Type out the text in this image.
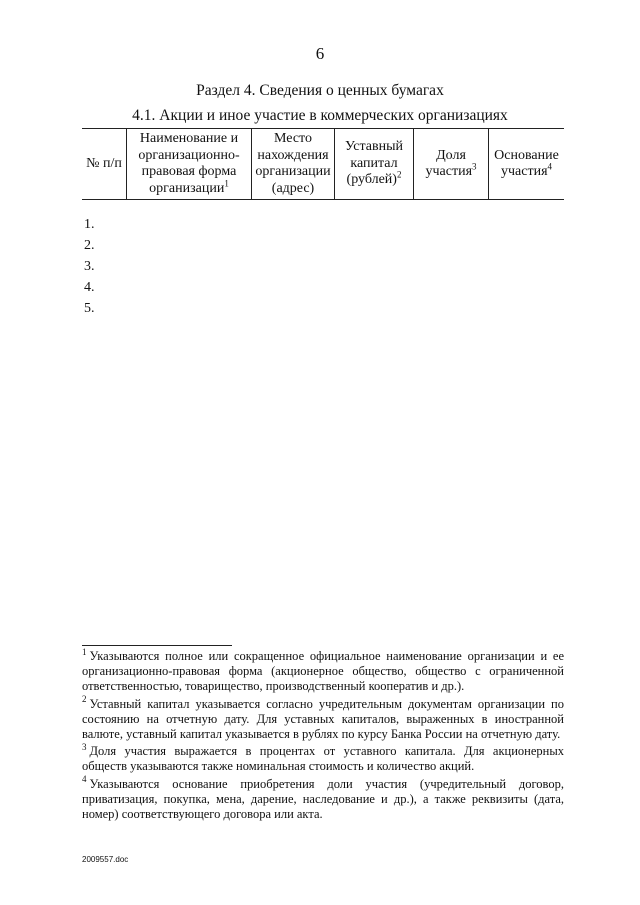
6
Раздел 4. Сведения о ценных бумагах
4.1. Акции и иное участие в коммерческих организациях
№ п/п	Наименование и организационно-правовая форма организации$^1$	Место нахождения организации (адрес)	Уставный капитал (рублей)$^2$	Доля участия$^3$	Основание участия$^4$
1.
2.
3.
4.
5.

$^1$ Указываются полное или сокращенное официальное наименование организации и ее организационно-правовая форма (акционерное общество, общество с ограниченной ответственностью, товарищество, производственный кооператив и др.).

$^2$ Уставный капитал указывается согласно учредительным документам организации по состоянию на отчетную дату. Для уставных капиталов, выраженных в иностранной валюте, уставный капитал указывается в рублях по курсу Банка России на отчетную дату.

$^3$ Доля участия выражается в процентах от уставного капитала. Для акционерных обществ указываются также номинальная стоимость и количество акций.

$^4$ Указываются основание приобретения доли участия (учредительный договор, приватизация, покупка, мена, дарение, наследование и др.), а также реквизиты (дата, номер) соответствующего договора или акта.

2009557.doc
